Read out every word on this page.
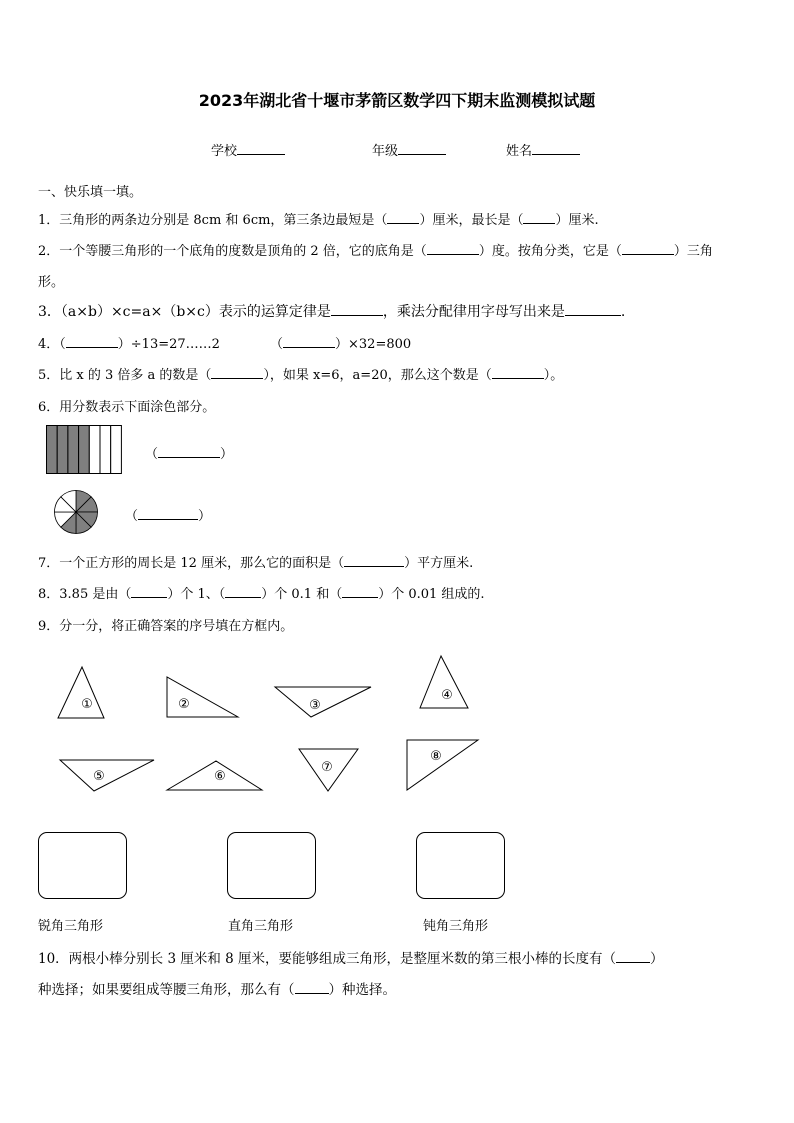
2023年湖北省十堰市茅箭区数学四下期末监测模拟试题
学校	年级	姓名
一、快乐填一填。
1．三角形的两条边分别是 8cm 和 6cm，第三条边最短是（ ）厘米，最长是（ ）厘米.
2．一个等腰三角形的一个底角的度数是顶角的 2 倍，它的底角是（	）度。按角分类，它是（	）三角
形。
3．（a×b）×c=a×（b×c）表示的运算定律是	，乘法分配律用字母写出来是	.
4．（	）÷13=27……2	（	）×32=800
5．比 x 的 3 倍多 a 的数是（	），如果 x=6，a=20，那么这个数是（	）。
6．用分数表示下面涂色部分。
（	）
（	）
7．一个正方形的周长是 12 厘米，那么它的面积是（	）平方厘米.
8．3.85 是由（	）个 1、（	）个 0.1 和（	）个 0.01 组成的.
9．分一分，将正确答案的序号填在方框内。
①	②	③
④
⑤	⑥
⑦
⑧
锐角三角形	直角三角形	钝角三角形
10．两根小棒分别长 3 厘米和 8 厘米，要能够组成三角形，是整厘米数的第三根小棒的长度有（	）
种选择；如果要组成等腰三角形，那么有（	）种选择。
